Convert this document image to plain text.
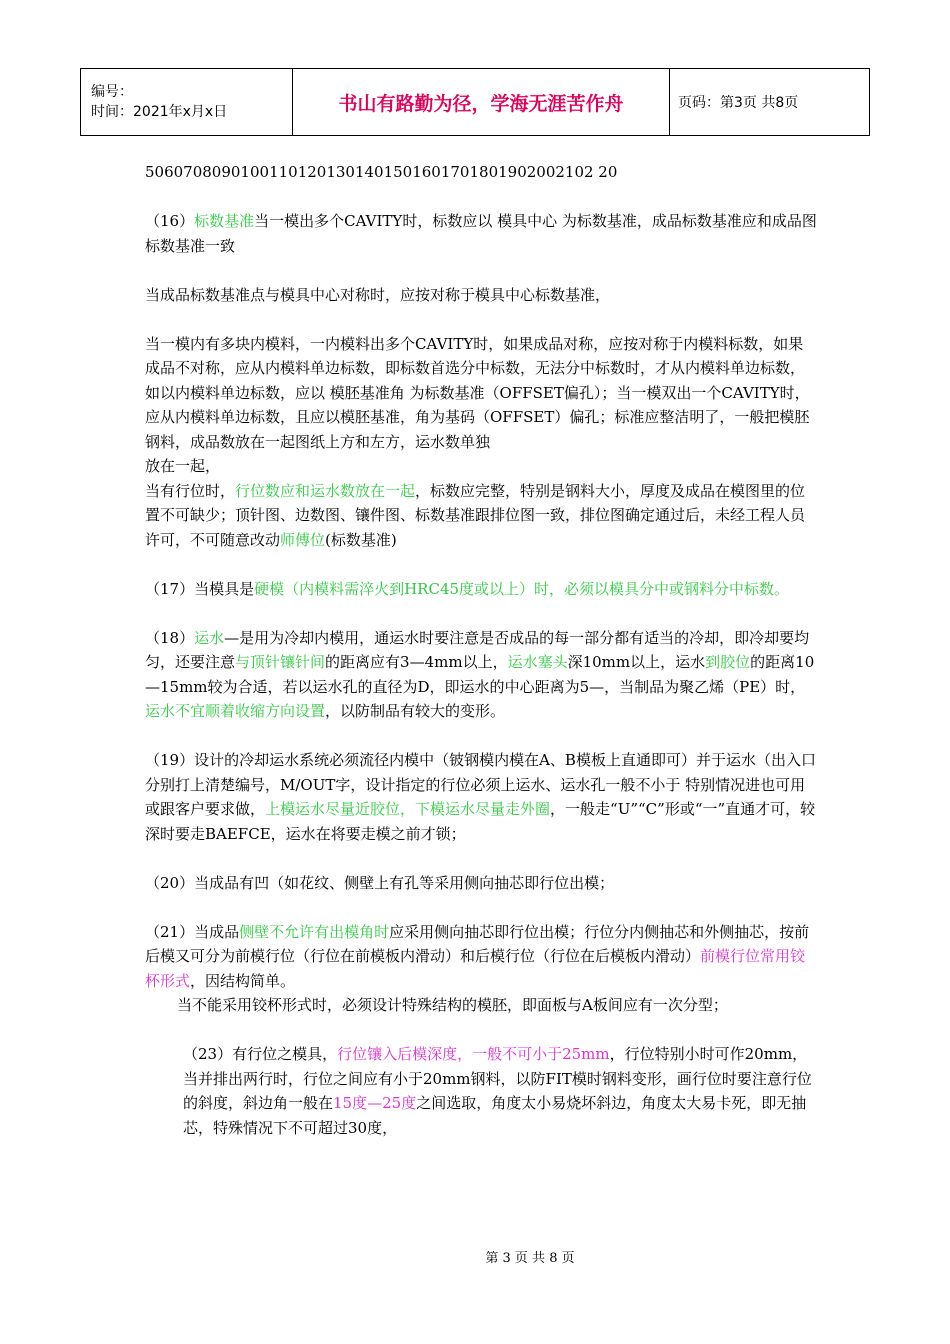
编号：
时间：2021年x月x日	书山有路勤为径，学海无涯苦作舟	页码：第3页 共8页

50607080901001101201301401501601701801902002102 20

（16）标数基准当一模出多个CAVITY时，标数应以 模具中心 为标数基准，成品标数基准应和成品图标数基准一致

当成品标数基准点与模具中心对称时，应按对称于模具中心标数基准，

当一模内有多块内模料，一内模料出多个CAVITY时，如果成品对称，应按对称于内模料标数，如果成品不对称，应从内模料单边标数，即标数首选分中标数，无法分中标数时，才从内模料单边标数，如以内模料单边标数，应以 模胚基准角 为标数基准（OFFSET偏孔）；当一模双出一个CAVITY时，应从内模料单边标数，且应以模胚基准，角为基码（OFFSET）偏孔；标准应整洁明了，一般把模胚钢料，成品数放在一起图纸上方和左方，运水数单独

放在一起，

当有行位时，行位数应和运水数放在一起，标数应完整，特别是钢料大小，厚度及成品在模图里的位置不可缺少；顶针图、边数图、镶件图、标数基准跟排位图一致，排位图确定通过后，未经工程人员许可，不可随意改动师傅位(标数基准)

（17）当模具是硬模（内模料需淬火到HRC45度或以上）时，必须以模具分中或钢料分中标数。

（18）运水—是用为冷却内模用，通运水时要注意是否成品的每一部分都有适当的冷却，即冷却要均匀，还要注意与顶针镶针间的距离应有3—4mm以上，运水塞头深10mm以上，运水到胶位的距离10—15mm较为合适，若以运水孔的直径为D，即运水的中心距离为5—，当制品为聚乙烯（PE）时，运水不宜顺着收缩方向设置，以防制品有较大的变形。

（19）设计的冷却运水系统必须流径内模中（铍钢模内模在A、B模板上直通即可）并于运水（出入口分别打上清楚编号，M/OUT字，设计指定的行位必须上运水、运水孔一般不小于 特别情况进也可用或跟客户要求做，上模运水尽量近胶位，下模运水尽量走外圈，一般走“U”“C”形或“一”直通才可，较深时要走BAEFCE，运水在将要走模之前才锁；

（20）当成品有凹（如花纹、侧壁上有孔等采用侧向抽芯即行位出模；

（21）当成品侧壁不允许有出模角时应采用侧向抽芯即行位出模；行位分内侧抽芯和外侧抽芯，按前后模又可分为前模行位（行位在前模板内滑动）和后模行位（行位在后模板内滑动）前模行位常用铰杯形式，因结构简单。

当不能采用铰杯形式时，必须设计特殊结构的模胚，即面板与A板间应有一次分型；

（23）有行位之模具，行位镶入后模深度，一般不可小于25mm，行位特别小时可作20mm，当并排出两行时，行位之间应有小于20mm钢料，以防FIT模时钢料变形，画行位时要注意行位的斜度，斜边角一般在15度—25度之间选取，角度太小易烧坏斜边，角度太大易卡死，即无抽芯，特殊情况下不可超过30度，

第 3 页 共 8 页
